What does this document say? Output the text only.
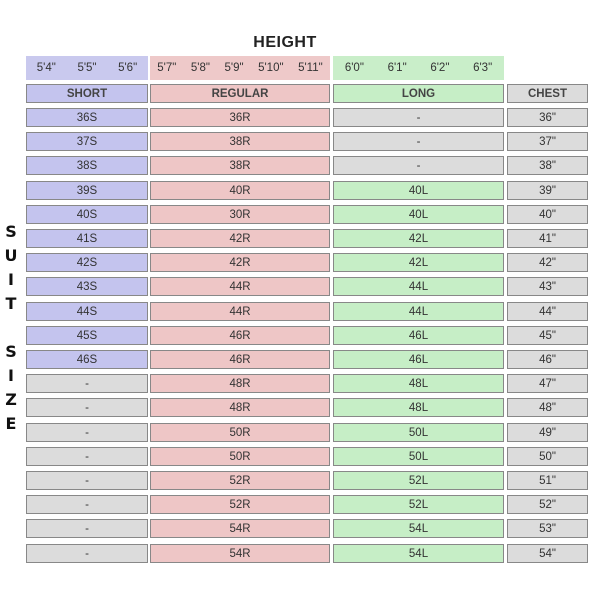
HEIGHT
5'4" 5'5" 5'6" 5'7" 5'8" 5'9" 5'10" 5'11" 6'0" 6'1" 6'2" 6'3"
S
U
I
T
S
I
Z
E
SHORT	REGULAR	LONG	CHEST
36S	36R	-	36"
37S	38R	-	37"
38S	38R	-	38"
39S	40R	40L	39"
40S	30R	40L	40"
41S	42R	42L	41"
42S	42R	42L	42"
43S	44R	44L	43"
44S	44R	44L	44"
45S	46R	46L	45"
46S	46R	46L	46"
-	48R	48L	47"
-	48R	48L	48"
-	50R	50L	49"
-	50R	50L	50"
-	52R	52L	51"
-	52R	52L	52"
-	54R	54L	53"
-	54R	54L	54"
